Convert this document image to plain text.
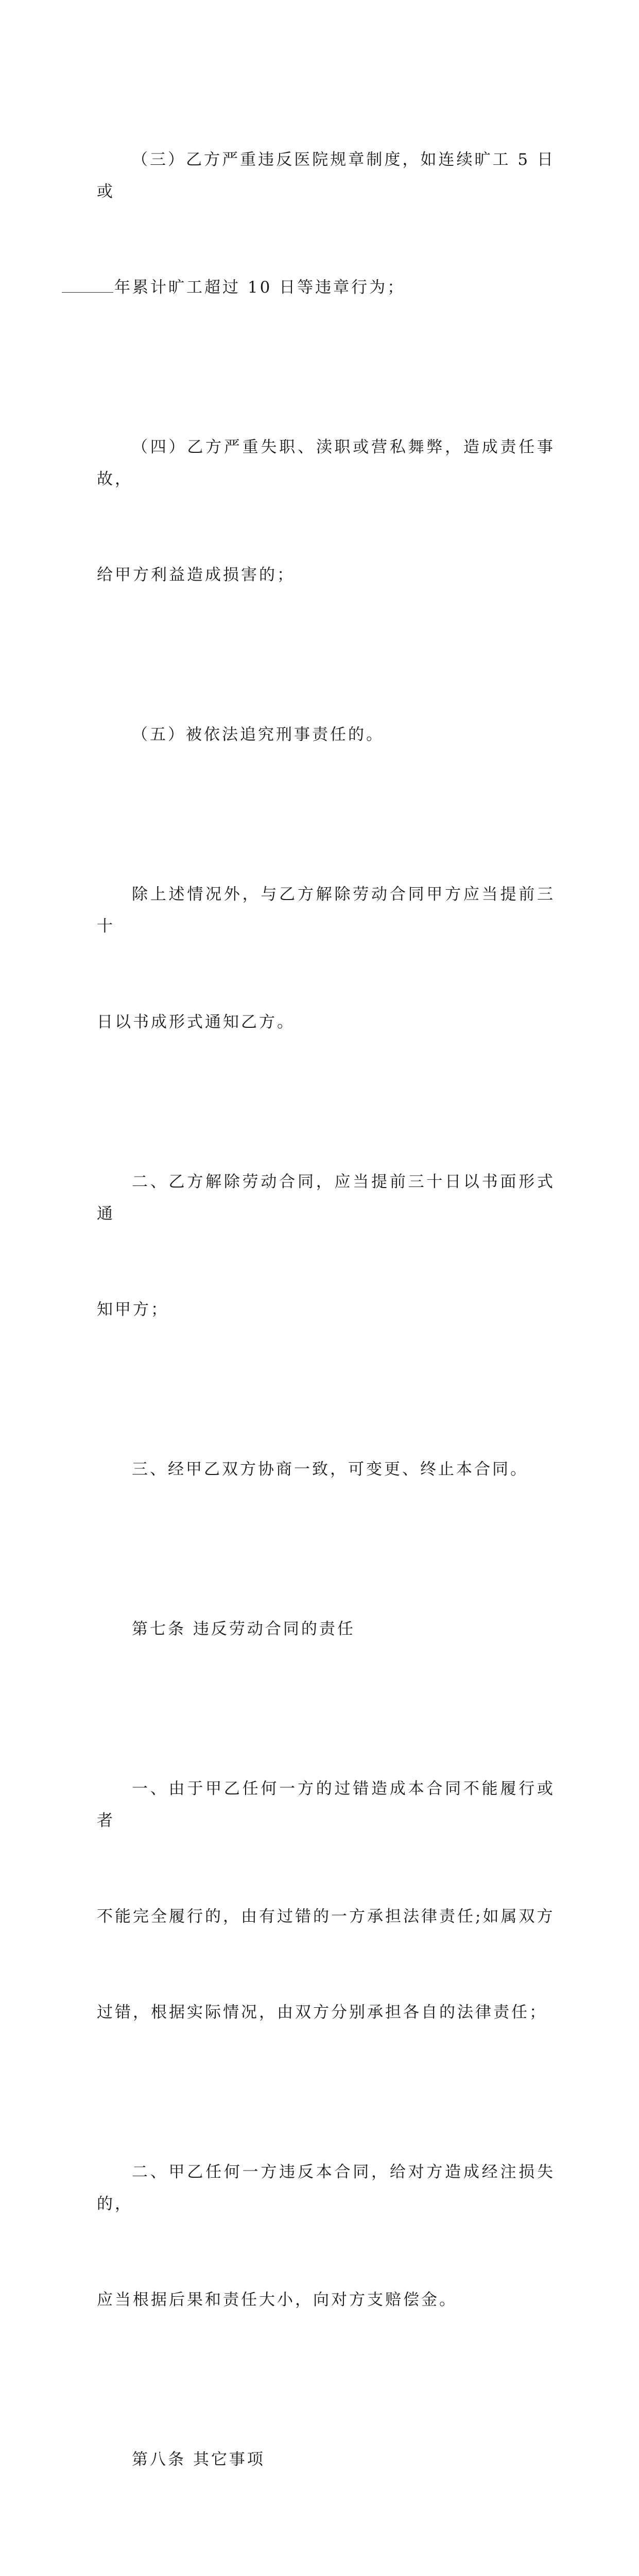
（三）乙方严重违反医院规章制度，如连续旷工 5 日或

年累计旷工超过 10 日等违章行为；

（四）乙方严重失职、渎职或营私舞弊，造成责任事故，

给甲方利益造成损害的；

（五）被依法追究刑事责任的。

除上述情况外，与乙方解除劳动合同甲方应当提前三十

日以书成形式通知乙方。

二、乙方解除劳动合同，应当提前三十日以书面形式通

知甲方；

三、经甲乙双方协商一致，可变更、终止本合同。

第七条 违反劳动合同的责任

一、由于甲乙任何一方的过错造成本合同不能履行或者

不能完全履行的，由有过错的一方承担法律责任;如属双方

过错，根据实际情况，由双方分别承担各自的法律责任；

二、甲乙任何一方违反本合同，给对方造成经注损失的，

应当根据后果和责任大小，向对方支赔偿金。

第八条 其它事项
